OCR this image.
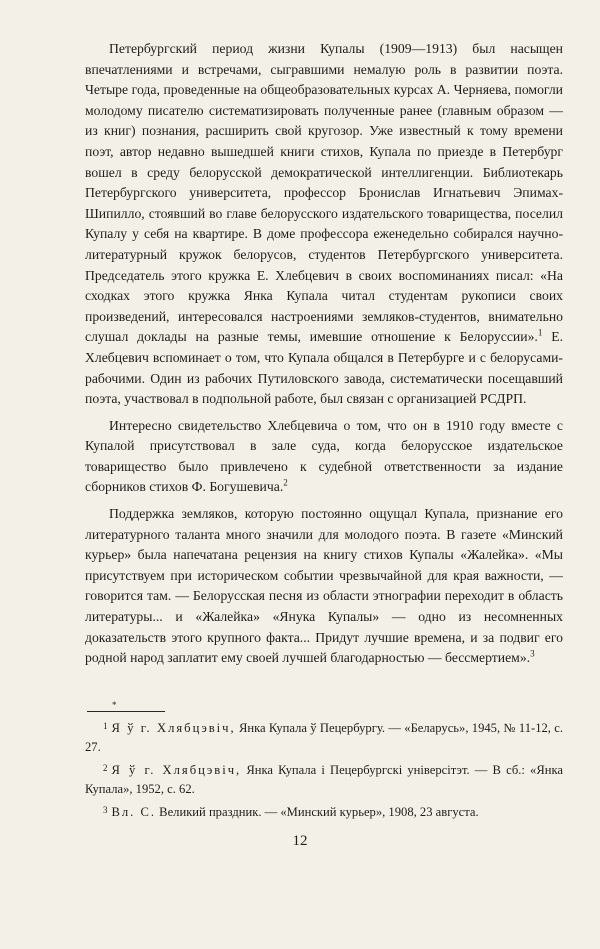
Петербургский период жизни Купалы (1909—1913) был насыщен впечатлениями и встречами, сыгравшими немалую роль в развитии поэта. Четыре года, проведенные на общеобразовательных курсах А. Черняева, помогли молодому писателю систематизировать полученные ранее (главным образом — из книг) познания, расширить свой кругозор. Уже известный к тому времени поэт, автор недавно вышедшей книги стихов, Купала по приезде в Петербург вошел в среду белорусской демократической интеллигенции. Библиотекарь Петербургского университета, профессор Бронислав Игнатьевич Эпимах-Шипилло, стоявший во главе белорусского издательского товарищества, поселил Купалу у себя на квартире. В доме профессора еженедельно собирался научно-литературный кружок белорусов, студентов Петербургского университета. Председатель этого кружка Е. Хлебцевич в своих воспоминаниях писал: «На сходках этого кружка Янка Купала читал студентам рукописи своих произведений, интересовался настроениями земляков-студентов, внимательно слушал доклады на разные темы, имевшие отношение к Белоруссии».$^1$ Е. Хлебцевич вспоминает о том, что Купала общался в Петербурге и с белорусами-рабочими. Один из рабочих Путиловского завода, систематически посещавший поэта, участвовал в подпольной работе, был связан с организацией РСДРП.

Интересно свидетельство Хлебцевича о том, что он в 1910 году вместе с Купалой присутствовал в зале суда, когда белорусское издательское товарищество было привлечено к судебной ответственности за издание сборников стихов Ф. Богушевича.$^2$

Поддержка земляков, которую постоянно ощущал Купала, признание его литературного таланта много значили для молодого поэта. В газете «Минский курьер» была напечатана рецензия на книгу стихов Купалы «Жалейка». «Мы присутствуем при историческом событии чрезвычайной для края важности, — говорится там. — Белорусская песня из области этнографии переходит в область литературы... и «Жалейка» «Янука Купалы» — одно из несомненных доказательств этого крупного факта... Придут лучшие времена, и за подвиг его родной народ заплатит ему своей лучшей благодарностью — бессмертием».$^3$

*

$^1$ Я ў г. Хлябцэвіч, Янка Купала ў Пецербургу. — «Беларусь», 1945, № 11-12, с. 27.

$^2$ Я ў г. Хлябцэвіч, Янка Купала і Пецербургскі універсітэт. — В сб.: «Янка Купала», 1952, с. 62.

$^3$ Вл. С. Великий праздник. — «Минский курьер», 1908, 23 августа.

12
